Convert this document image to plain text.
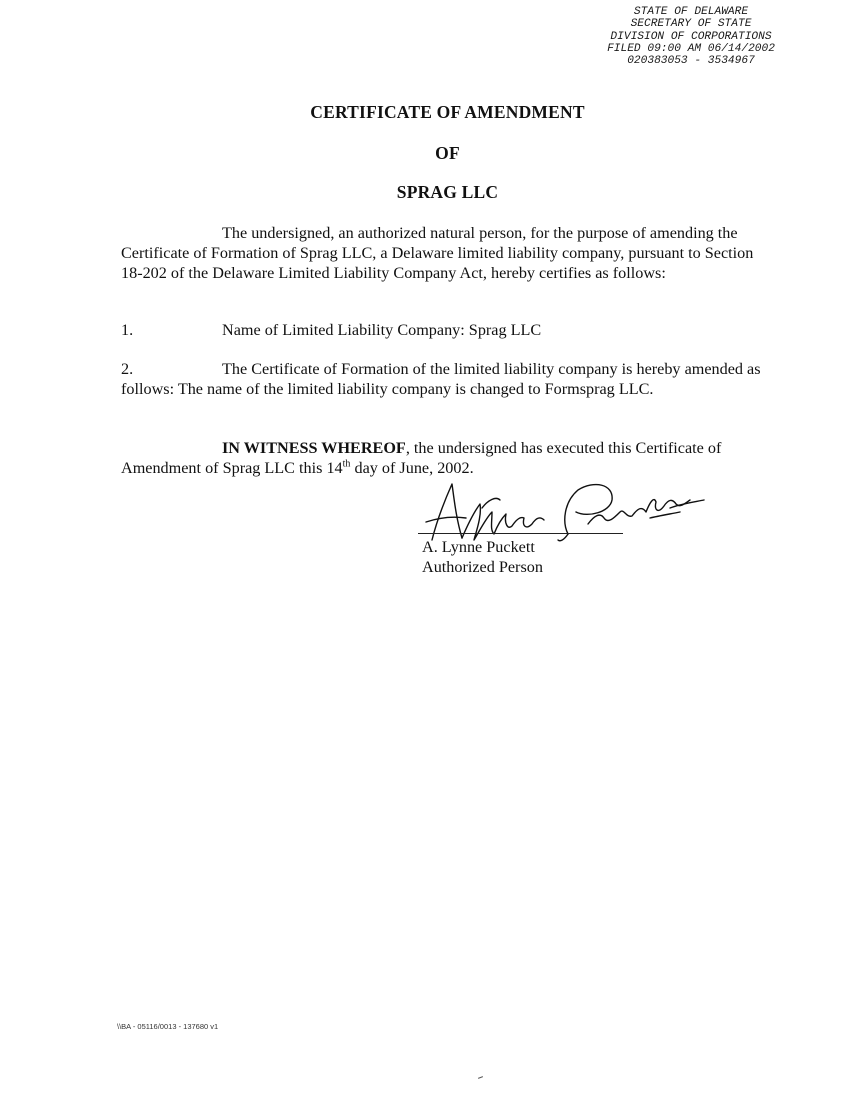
STATE OF DELAWARE
SECRETARY OF STATE
DIVISION OF CORPORATIONS
FILED 09:00 AM 06/14/2002
020383053 - 3534967
CERTIFICATE OF AMENDMENT
OF
SPRAG LLC
The undersigned, an authorized natural person, for the purpose of amending the Certificate of Formation of Sprag LLC, a Delaware limited liability company, pursuant to Section 18-202 of the Delaware Limited Liability Company Act, hereby certifies as follows:
1.	Name of Limited Liability Company: Sprag LLC
2.	The Certificate of Formation of the limited liability company is hereby amended as follows: The name of the limited liability company is changed to Formsprag LLC.
IN WITNESS WHEREOF, the undersigned has executed this Certificate of Amendment of Sprag LLC this 14th day of June, 2002.
A. Lynne Puckett
Authorized Person
\\BA - 05116/0013 - 137680 v1
